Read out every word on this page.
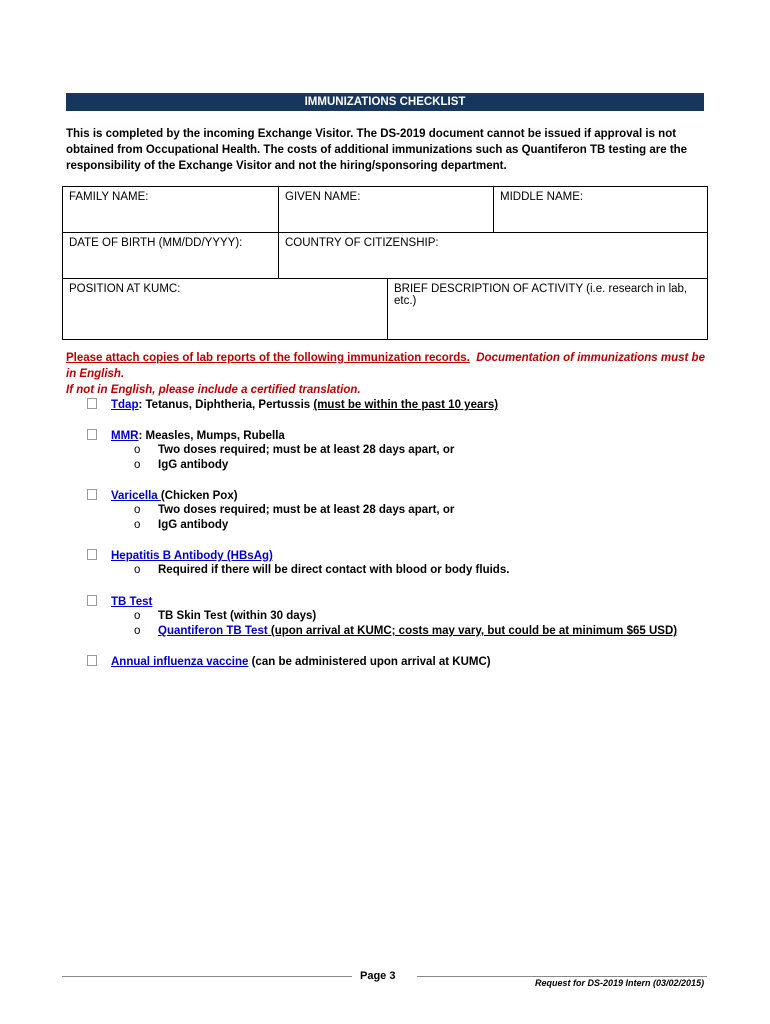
IMMUNIZATIONS CHECKLIST
This is completed by the incoming Exchange Visitor. The DS-2019 document cannot be issued if approval is not obtained from Occupational Health. The costs of additional immunizations such as Quantiferon TB testing are the responsibility of the Exchange Visitor and not the hiring/sponsoring department.
FAMILY NAME:	GIVEN NAME:	MIDDLE NAME:
DATE OF BIRTH (MM/DD/YYYY):	COUNTRY OF CITIZENSHIP:
POSITION AT KUMC:	BRIEF DESCRIPTION OF ACTIVITY (i.e. research in lab, etc.)
Please attach copies of lab reports of the following immunization records. Documentation of immunizations must be in English.
If not in English, please include a certified translation.
Tdap: Tetanus, Diphtheria, Pertussis (must be within the past 10 years)
MMR: Measles, Mumps, Rubella
o Two doses required; must be at least 28 days apart, or
o IgG antibody
Varicella (Chicken Pox)
o Two doses required; must be at least 28 days apart, or
o IgG antibody
Hepatitis B Antibody (HBsAg)
o Required if there will be direct contact with blood or body fluids.
TB Test
o TB Skin Test (within 30 days)
o Quantiferon TB Test (upon arrival at KUMC; costs may vary, but could be at minimum $65 USD)
Annual influenza vaccine (can be administered upon arrival at KUMC)
Page 3
Request for DS-2019 Intern (03/02/2015)
